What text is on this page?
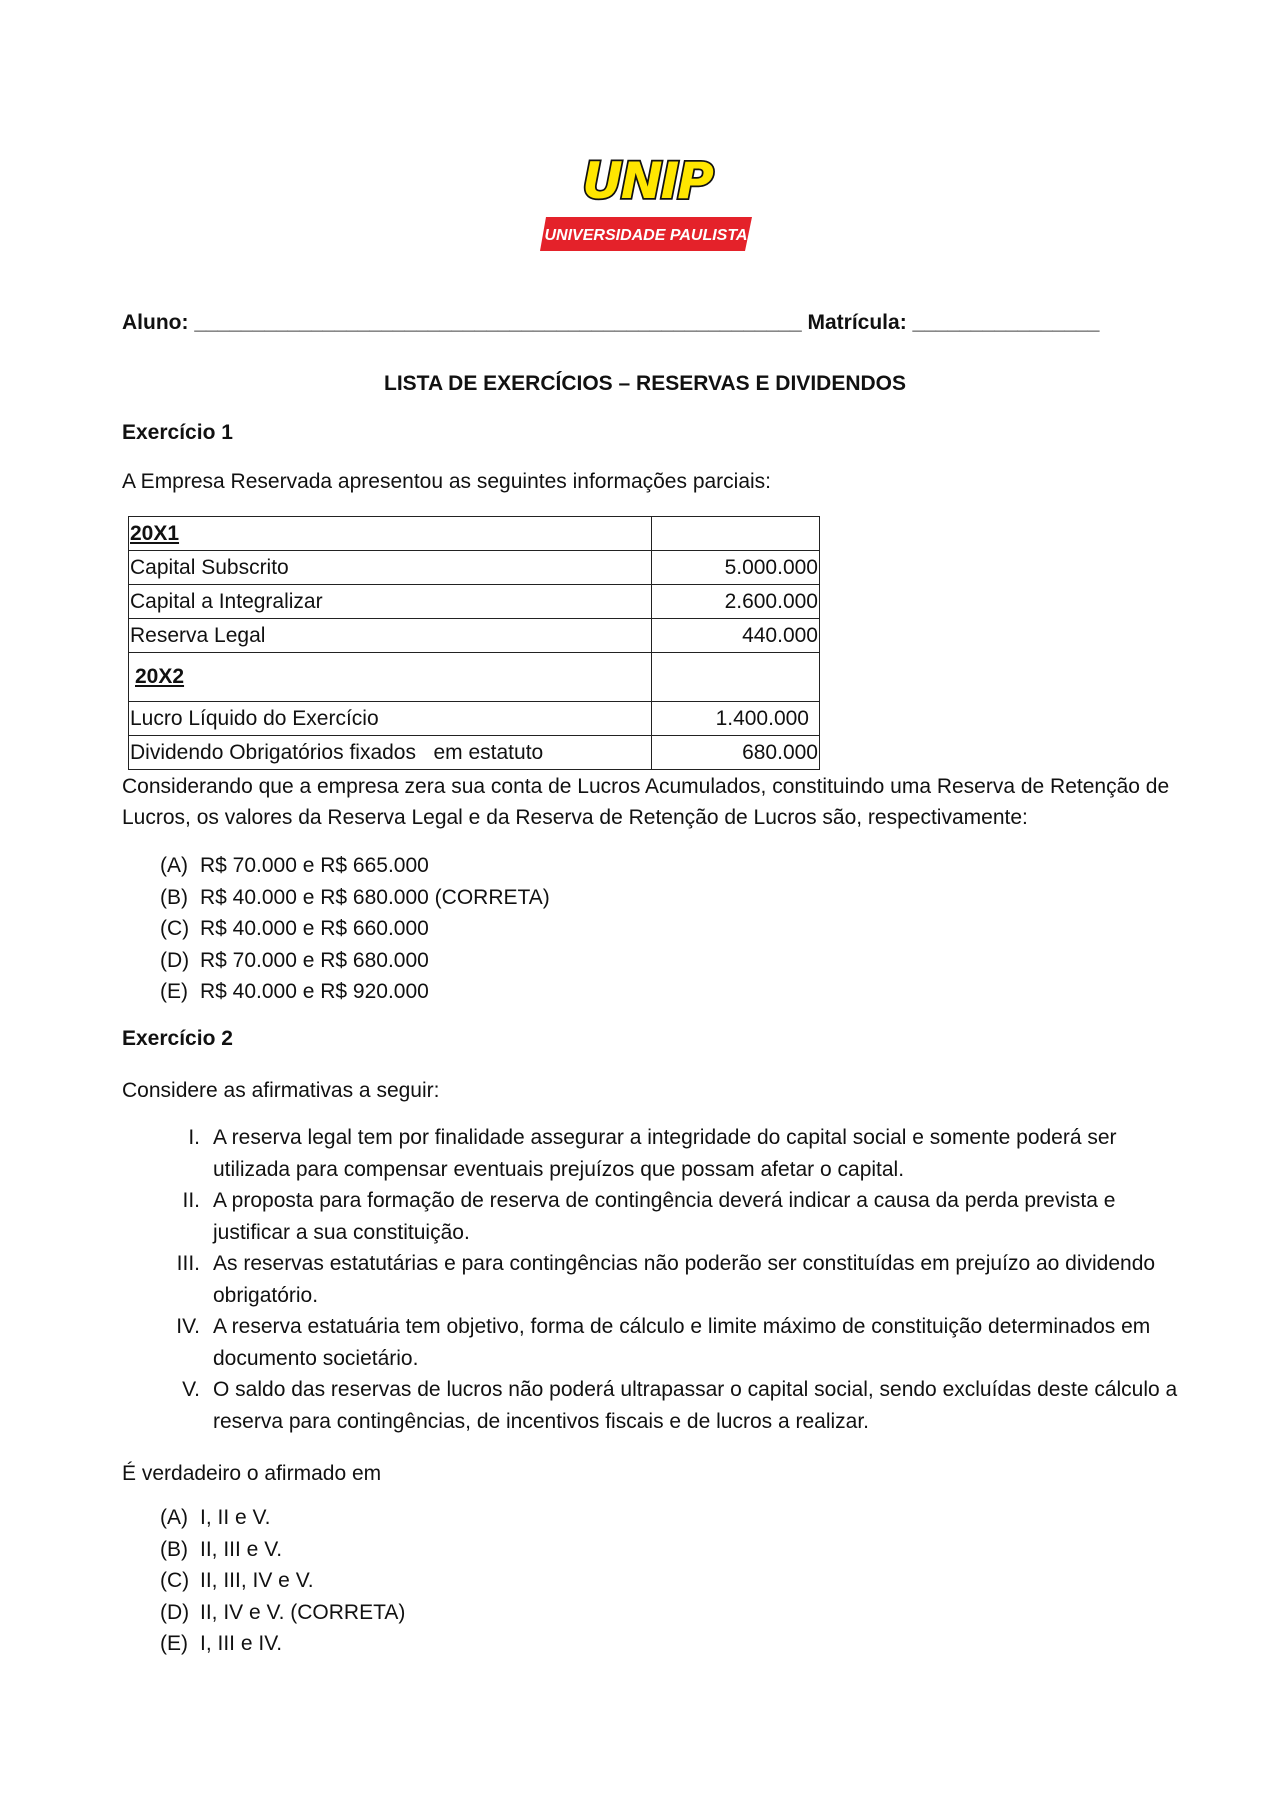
UNIP
UNIVERSIDADE PAULISTA
Aluno: ____________________________________________________ Matrícula: ________________
LISTA DE EXERCÍCIOS – RESERVAS E DIVIDENDOS
Exercício 1
A Empresa Reservada apresentou as seguintes informações parciais:
20X1	
Capital Subscrito	5.000.000
Capital a Integralizar	2.600.000
Reserva Legal	440.000
20X2	
Lucro Líquido do Exercício	1.400.000
Dividendo Obrigatórios fixados   em estatuto	680.000
Considerando que a empresa zera sua conta de Lucros Acumulados, constituindo uma Reserva de Retenção de Lucros, os valores da Reserva Legal e da Reserva de Retenção de Lucros são, respectivamente:
(A) R$ 70.000 e R$ 665.000
(B) R$ 40.000 e R$ 680.000 (CORRETA)
(C) R$ 40.000 e R$ 660.000
(D) R$ 70.000 e R$ 680.000
(E) R$ 40.000 e R$ 920.000
Exercício 2
Considere as afirmativas a seguir:
I. A reserva legal tem por finalidade assegurar a integridade do capital social e somente poderá ser utilizada para compensar eventuais prejuízos que possam afetar o capital.
II. A proposta para formação de reserva de contingência deverá indicar a causa da perda prevista e justificar a sua constituição.
III. As reservas estatutárias e para contingências não poderão ser constituídas em prejuízo ao dividendo obrigatório.
IV. A reserva estatuária tem objetivo, forma de cálculo e limite máximo de constituição determinados em documento societário.
V. O saldo das reservas de lucros não poderá ultrapassar o capital social, sendo excluídas deste cálculo a reserva para contingências, de incentivos fiscais e de lucros a realizar.
É verdadeiro o afirmado em
(A) I, II e V.
(B) II, III e V.
(C) II, III, IV e V.
(D) II, IV e V. (CORRETA)
(E) I, III e IV.
